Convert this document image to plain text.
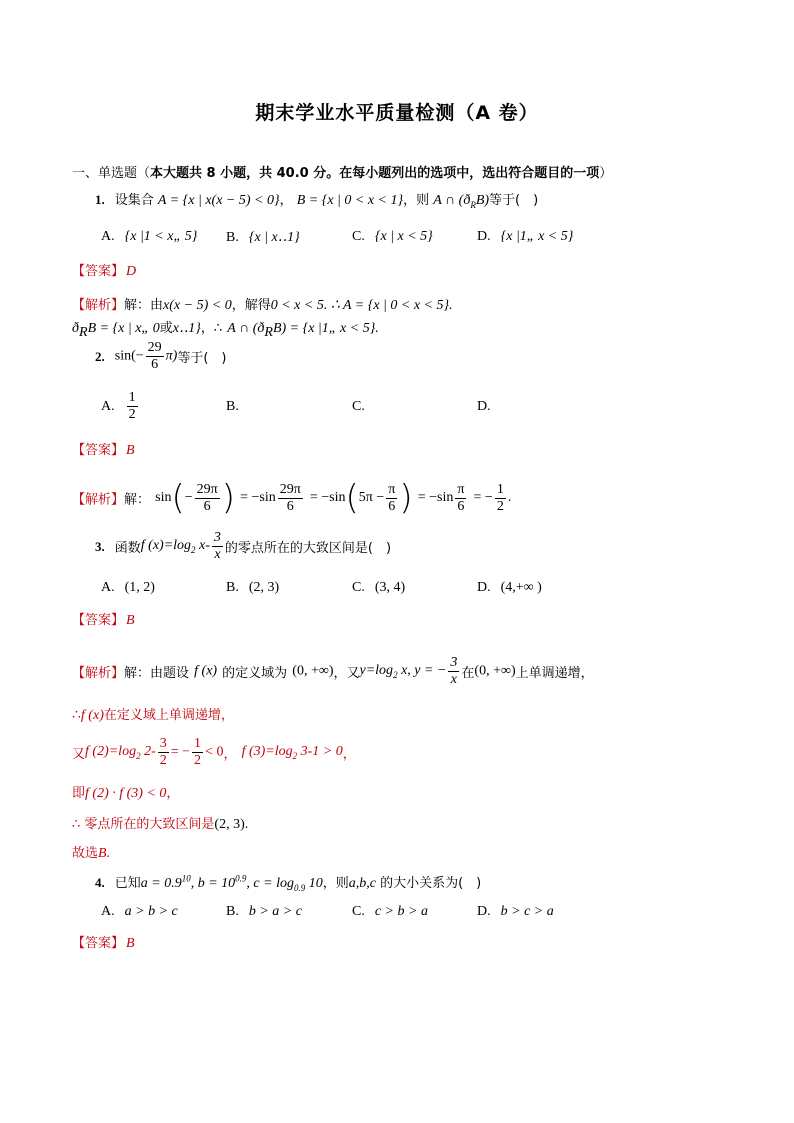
期末学业水平质量检测（A 卷）
一、单选题（本大题共 8 小题，共 40.0 分。在每小题列出的选项中，选出符合题目的一项）
1. 设集合 A = {x | x(x − 5) < 0}， B = {x | 0 < x < 1}，则 A ∩ $(ð_RB)$等于(　)
A. {x |1 < x„ 5} B. {x | x‥1}	C. {x | x < 5}	D. {x |1„ x < 5}
【答案】 D
【解析】解：由x(x − 5) < 0，解得0 < x < 5. ∴ A = {x | 0 < x < 5}.
$ð_RB = \{x$ | x„ 0或x‥1}，∴ A ∩ $(ð_RB) = \{x$ |1„ x < 5}.
2. $\sin(- \frac{29}{6} \pi)$等于(　)
A. $\frac{1}{2}$	B.	C.	D.
【答案】 B
【解析】解： $\sin(- \frac{29\pi}{6}$ ) = $-\sin \frac{29\pi}{6} = -\sin(5\pi - \frac{\pi}{6}$ ) = $-\sin \frac{\pi}{6}$ = − $\frac{1}{2}$ .
3. 函数f $(x)=\log_2$ $x- \frac{3}{x}$ 的零点所在的大致区间是(　)
A. (1, 2)	B. (2, 3)	C. (3, 4)	D. (4,+∞ )
【答案】 B
【解析】解：由题设 f (x) 的定义域为 (0, +∞)，又$y=\log_2$ x, y = − $\frac{3}{x}$ 在(0, +∞)上单调递增，
∴f (x)在定义域上单调递增，
又f $(2)=\log_2$ $2- \frac{3}{2}$ = − $\frac{1}{2} < 0$， f $(3)=\log_2$ 3-1 > 0，
即f (2) · f (3) < 0，
∴ 零点所在的大致区间是(2, 3).
故选B.
4. 已知$a = 0.9^{10}$, $b = 10^{0.9}$, $c = \log_{0.9} 10$，则a,b,c 的大小关系为(　)
A. a > b > c	B. b > a > c	C. c > b > a	D. b > c > a
【答案】 B
